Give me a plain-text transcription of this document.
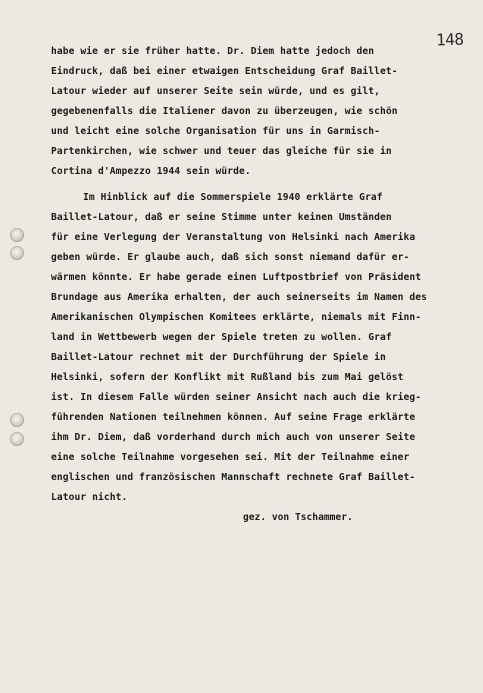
148
habe wie er sie früher hatte. Dr. Diem hatte jedoch den
Eindruck, daß bei einer etwaigen Entscheidung Graf Baillet-
Latour wieder auf unserer Seite sein würde, und es gilt,
gegebenenfalls die Italiener davon zu überzeugen, wie schön
und leicht eine solche Organisation für uns in Garmisch-
Partenkirchen, wie schwer und teuer das gleiche für sie in
Cortina d'Ampezzo 1944 sein würde.
Im Hinblick auf die Sommerspiele 1940 erklärte Graf
Baillet-Latour, daß er seine Stimme unter keinen Umständen
für eine Verlegung der Veranstaltung von Helsinki nach Amerika
geben würde. Er glaube auch, daß sich sonst niemand dafür er-
wärmen könnte. Er habe gerade einen Luftpostbrief von Präsident
Brundage aus Amerika erhalten, der auch seinerseits im Namen des
Amerikanischen Olympischen Komitees erklärte, niemals mit Finn-
land in Wettbewerb wegen der Spiele treten zu wollen. Graf
Baillet-Latour rechnet mit der Durchführung der Spiele in
Helsinki, sofern der Konflikt mit Rußland bis zum Mai gelöst
ist. In diesem Falle würden seiner Ansicht nach auch die krieg-
führenden Nationen teilnehmen können. Auf seine Frage erklärte
ihm Dr. Diem, daß vorderhand durch mich auch von unserer Seite
eine solche Teilnahme vorgesehen sei. Mit der Teilnahme einer
englischen und französischen Mannschaft rechnete Graf Baillet-
Latour nicht.
gez. von Tschammer.
